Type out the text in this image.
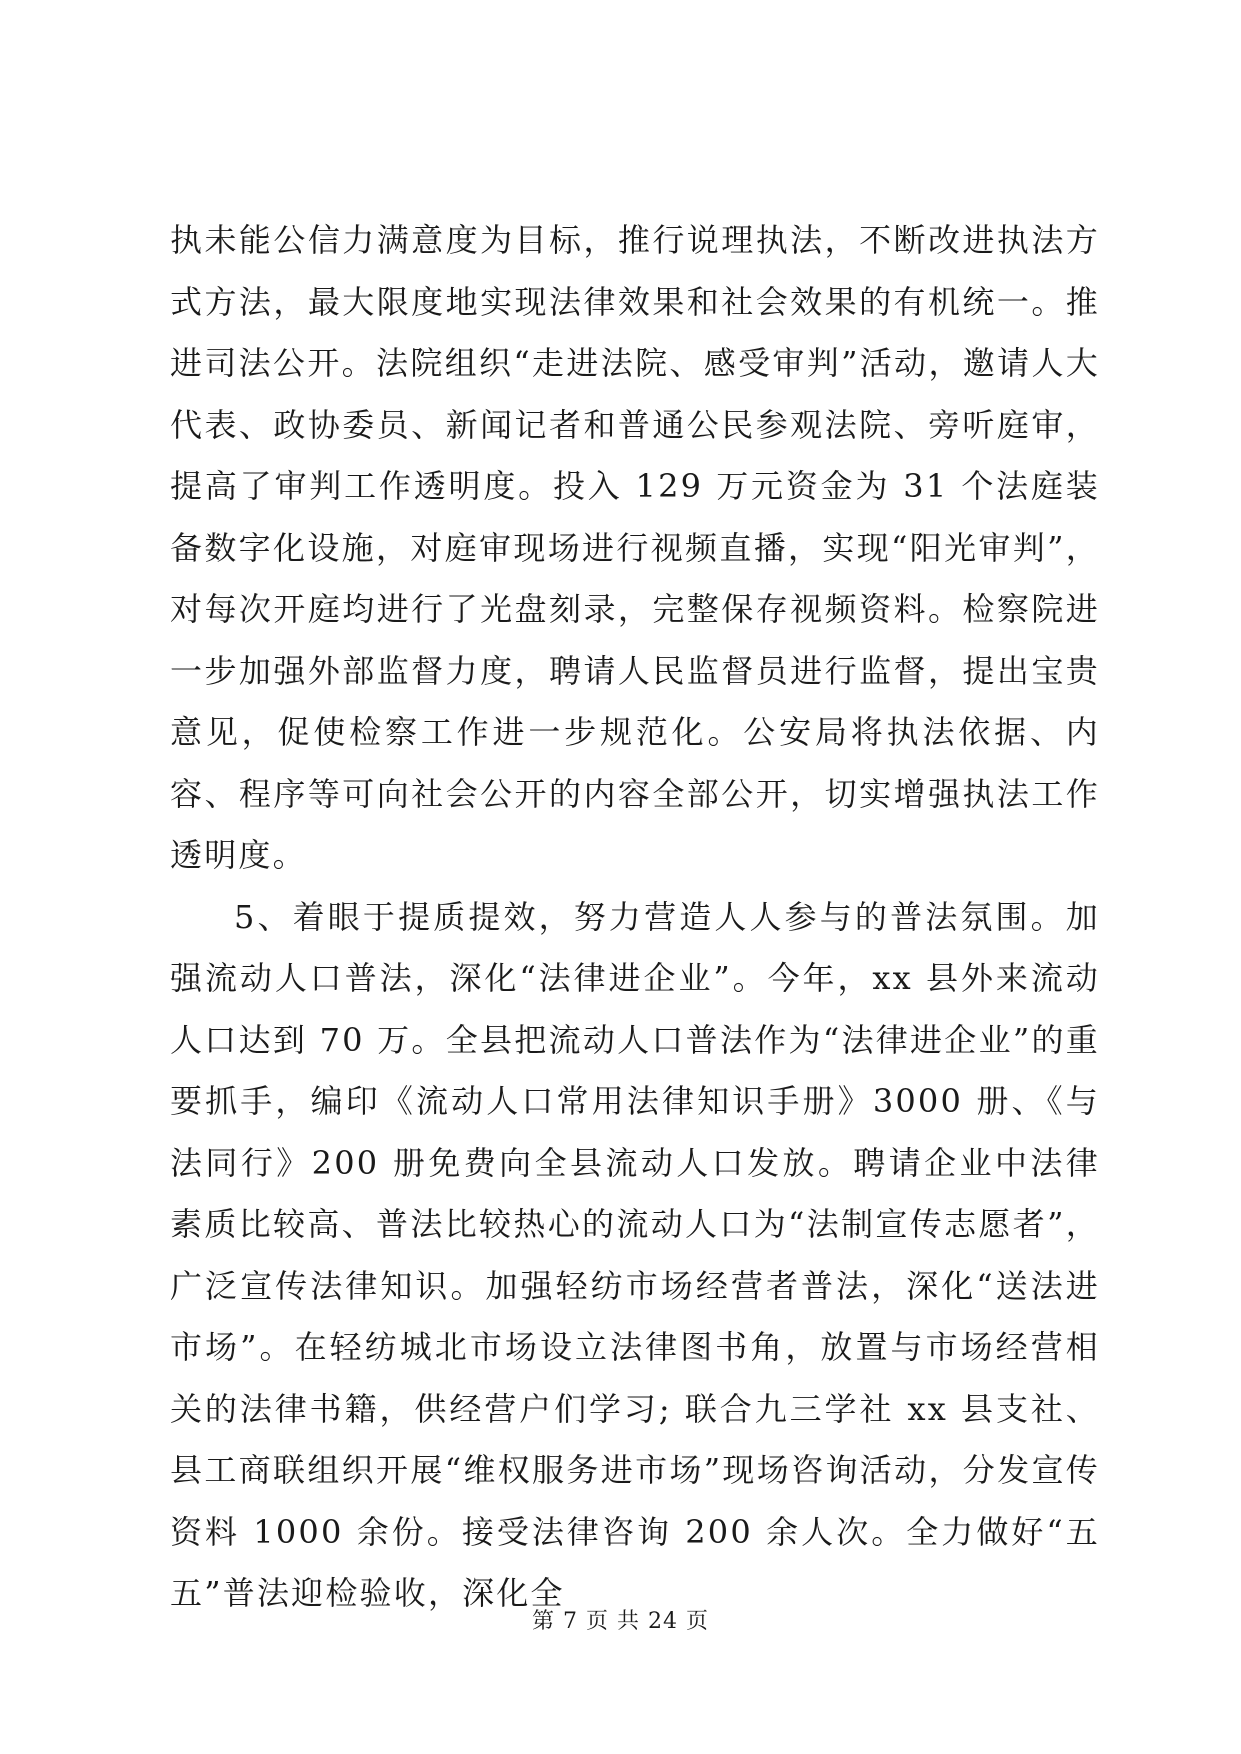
执未能公信力满意度为目标，推行说理执法，不断改进执法方式方法，最大限度地实现法律效果和社会效果的有机统一。推进司法公开。法院组织“走进法院、感受审判”活动，邀请人大代表、政协委员、新闻记者和普通公民参观法院、旁听庭审，提高了审判工作透明度。投入 129 万元资金为 31 个法庭装备数字化设施，对庭审现场进行视频直播，实现“阳光审判”，对每次开庭均进行了光盘刻录，完整保存视频资料。检察院进一步加强外部监督力度，聘请人民监督员进行监督，提出宝贵意见，促使检察工作进一步规范化。公安局将执法依据、内容、程序等可向社会公开的内容全部公开，切实增强执法工作透明度。

5、着眼于提质提效，努力营造人人参与的普法氛围。加强流动人口普法，深化“法律进企业”。今年，xx 县外来流动人口达到 70 万。全县把流动人口普法作为“法律进企业”的重要抓手，编印《流动人口常用法律知识手册》3000 册、《与法同行》200 册免费向全县流动人口发放。聘请企业中法律素质比较高、普法比较热心的流动人口为“法制宣传志愿者”，广泛宣传法律知识。加强轻纺市场经营者普法，深化“送法进市场”。在轻纺城北市场设立法律图书角，放置与市场经营相关的法律书籍，供经营户们学习; 联合九三学社 xx 县支社、县工商联组织开展“维权服务进市场”现场咨询活动，分发宣传资料 1000 余份。接受法律咨询 200 余人次。全力做好“五五”普法迎检验收，深化全

第 7 页 共 24 页
